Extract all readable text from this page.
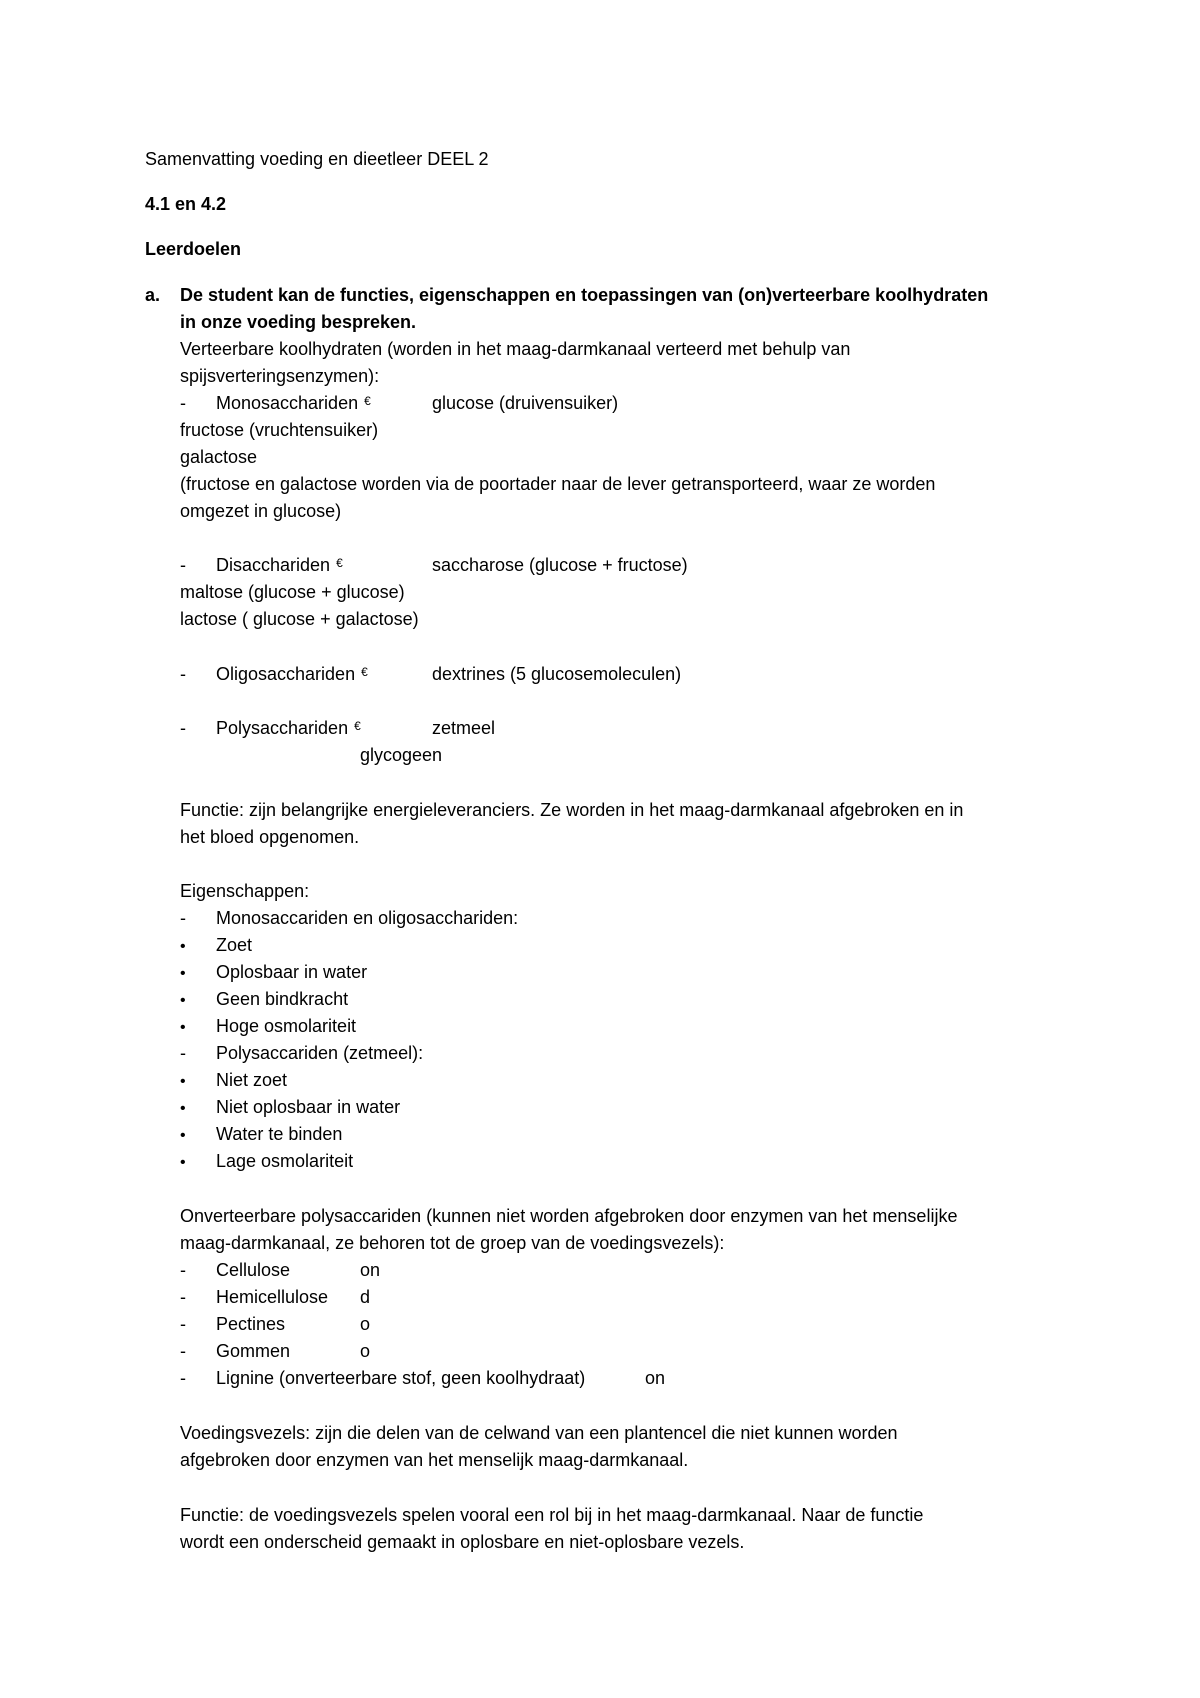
Samenvatting voeding en dieetleer DEEL 2
4.1 en 4.2
Leerdoelen
a. De student kan de functies, eigenschappen en toepassingen van (on)verteerbare koolhydraten
in onze voeding bespreken.
Verteerbare koolhydraten (worden in het maag-darmkanaal verteerd met behulp van
spijsverteringsenzymen):
- Monosacchariden €	glucose (druivensuiker)
fructose (vruchtensuiker)
galactose
(fructose en galactose worden via de poortader naar de lever getransporteerd, waar ze worden
omgezet in glucose)
- Disacchariden €	saccharose (glucose + fructose)
maltose (glucose + glucose)
lactose ( glucose + galactose)
- Oligosacchariden €	dextrines (5 glucosemoleculen)
- Polysacchariden €	zetmeel
glycogeen
Functie: zijn belangrijke energieleveranciers. Ze worden in het maag-darmkanaal afgebroken en in
het bloed opgenomen.
Eigenschappen:
- Monosaccariden en oligosacchariden:
• Zoet
• Oplosbaar in water
• Geen bindkracht
• Hoge osmolariteit
- Polysaccariden (zetmeel):
• Niet zoet
• Niet oplosbaar in water
• Water te binden
• Lage osmolariteit
Onverteerbare polysaccariden (kunnen niet worden afgebroken door enzymen van het menselijke
maag-darmkanaal, ze behoren tot de groep van de voedingsvezels):
- Cellulose	on
- Hemicellulose d
- Pectines	o
- Gommen	o
- Lignine (onverteerbare stof, geen koolhydraat)	on
Voedingsvezels: zijn die delen van de celwand van een plantencel die niet kunnen worden
afgebroken door enzymen van het menselijk maag-darmkanaal.
Functie: de voedingsvezels spelen vooral een rol bij in het maag-darmkanaal. Naar de functie
wordt een onderscheid gemaakt in oplosbare en niet-oplosbare vezels.
